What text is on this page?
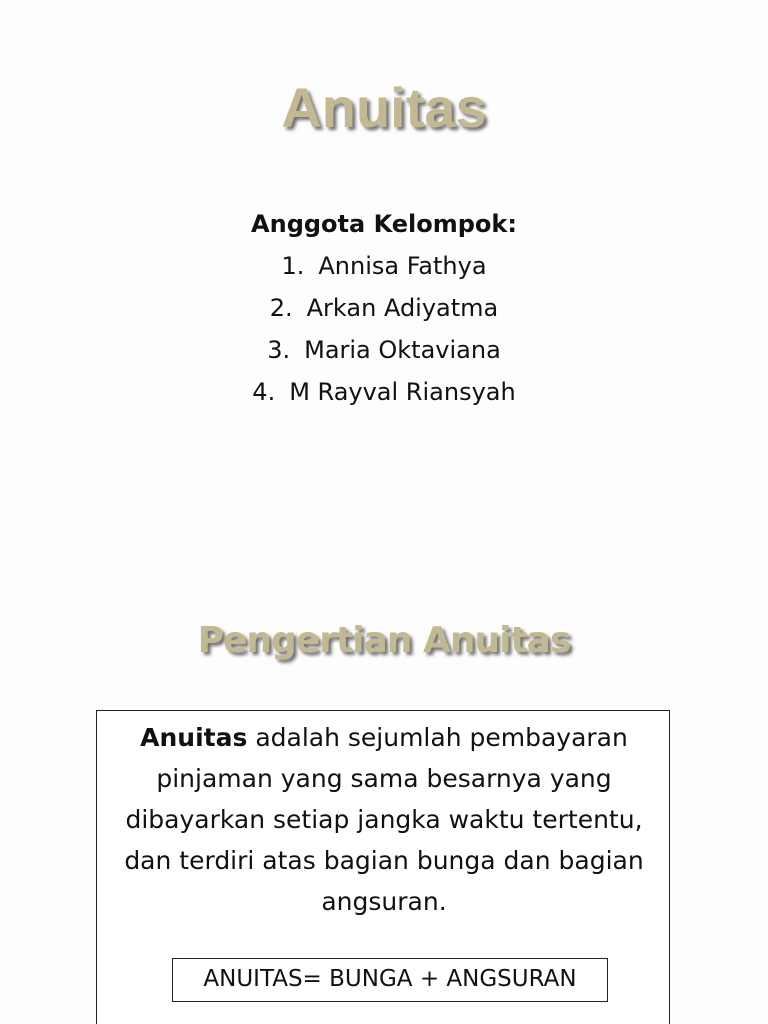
Anuitas
Anggota Kelompok:
1. Annisa Fathya
2. Arkan Adiyatma
3. Maria Oktaviana
4. M Rayval Riansyah
Pengertian Anuitas
Anuitas adalah sejumlah pembayaran pinjaman yang sama besarnya yang dibayarkan setiap jangka waktu tertentu, dan terdiri atas bagian bunga dan bagian angsuran.
ANUITAS= BUNGA + ANGSURAN
